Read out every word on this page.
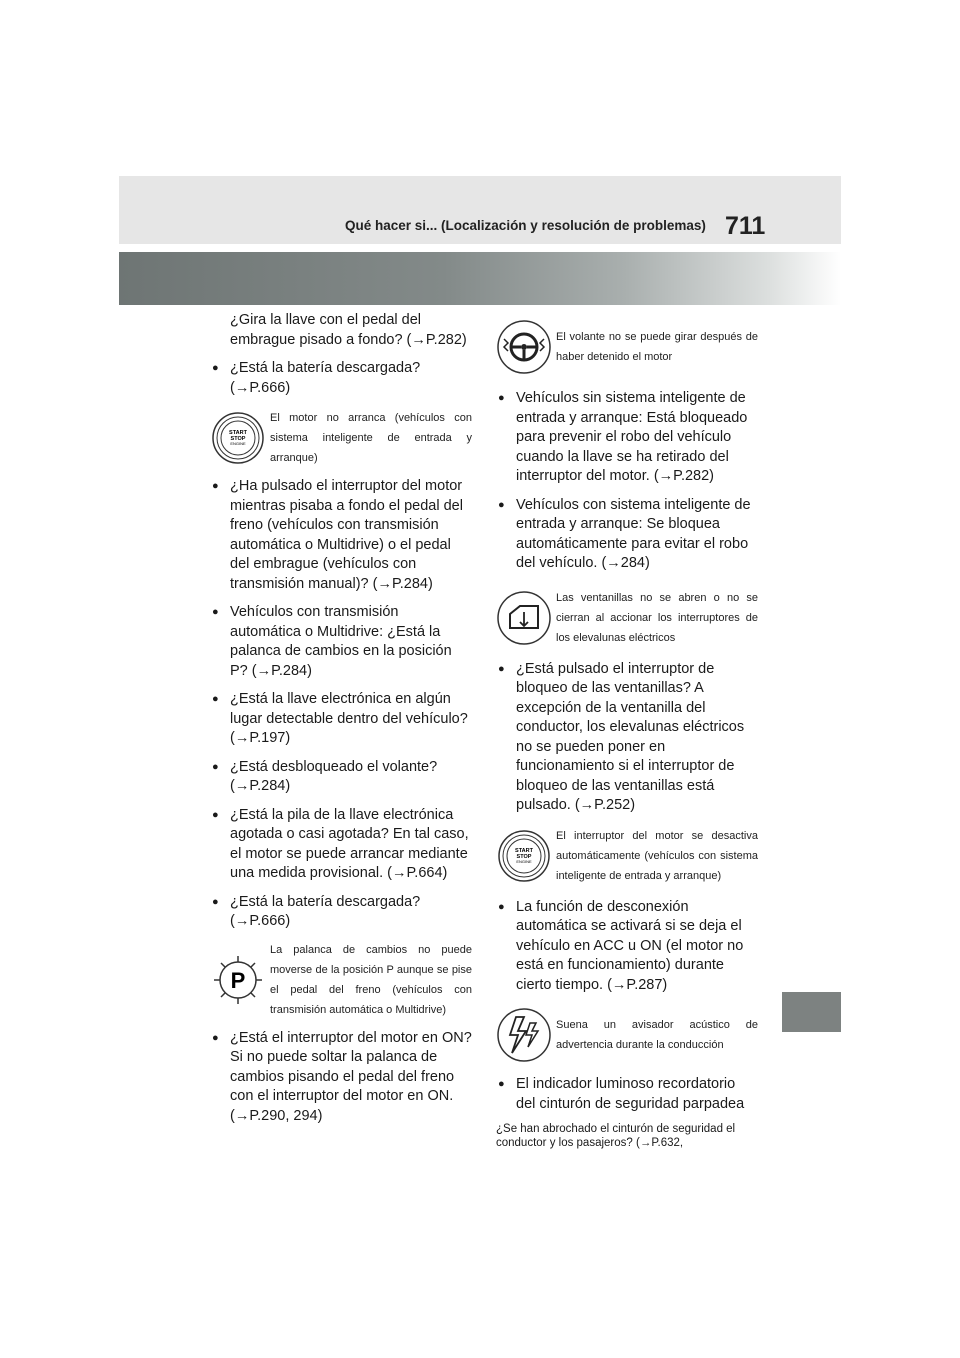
Qué hacer si... (Localización y resolución de problemas) 711

¿Gira la llave con el pedal del embrague pisado a fondo? (→P.282)

● ¿Está la batería descargada? (→P.666)

START
STOP
ENGINE
El motor no arranca (vehículos con sistema inteligente de entrada y arranque)

● ¿Ha pulsado el interruptor del motor mientras pisaba a fondo el pedal del freno (vehículos con transmisión automática o Multidrive) o el pedal del embrague (vehículos con transmisión manual)? (→P.284)

● Vehículos con transmisión automática o Multidrive: ¿Está la palanca de cambios en la posición P? (→P.284)

● ¿Está la llave electrónica en algún lugar detectable dentro del vehículo? (→P.197)

● ¿Está desbloqueado el volante? (→P.284)

● ¿Está la pila de la llave electrónica agotada o casi agotada? En tal caso, el motor se puede arrancar mediante una medida provisional. (→P.664)

● ¿Está la batería descargada? (→P.666)

P
La palanca de cambios no puede moverse de la posición P aunque se pise el pedal del freno (vehículos con transmisión automática o Multidrive)

● ¿Está el interruptor del motor en ON? Si no puede soltar la palanca de cambios pisando el pedal del freno con el interruptor del motor en ON. (→P.290, 294)

El volante no se puede girar después de haber detenido el motor

● Vehículos sin sistema inteligente de entrada y arranque: Está bloqueado para prevenir el robo del vehículo cuando la llave se ha retirado del interruptor del motor. (→P.282)

● Vehículos con sistema inteligente de entrada y arranque: Se bloquea automáticamente para evitar el robo del vehículo. (→284)

Las ventanillas no se abren o no se cierran al accionar los interruptores de los elevalunas eléctricos

● ¿Está pulsado el interruptor de bloqueo de las ventanillas? A excepción de la ventanilla del conductor, los elevalunas eléctricos no se pueden poner en funcionamiento si el interruptor de bloqueo de las ventanillas está pulsado. (→P.252)

START
STOP
ENGINE
El interruptor del motor se desactiva automáticamente (vehículos con sistema inteligente de entrada y arranque)

● La función de desconexión automática se activará si se deja el vehículo en ACC u ON (el motor no está en funcionamiento) durante cierto tiempo. (→P.287)

Suena un avisador acústico de advertencia durante la conducción

● El indicador luminoso recordatorio del cinturón de seguridad parpadea

¿Se han abrochado el cinturón de seguridad el conductor y los pasajeros? (→P.632,
